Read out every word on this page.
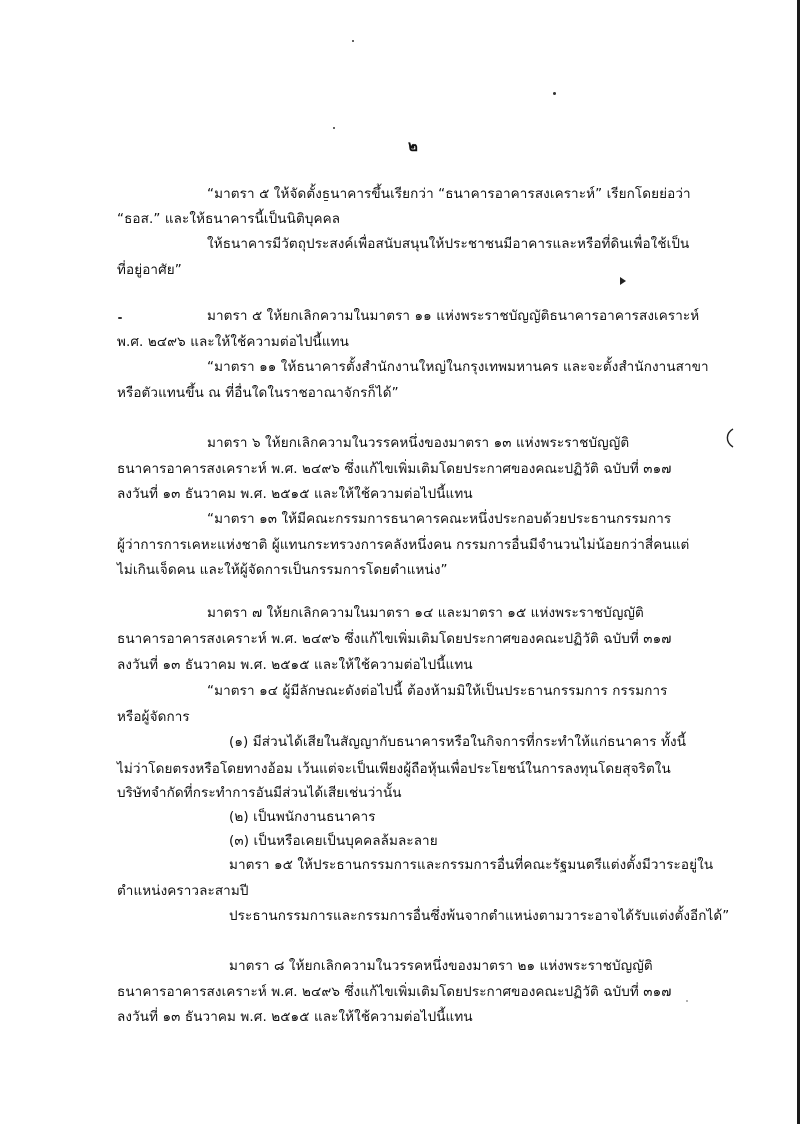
๒
“มาตรา ๕ ให้จัดตั้งธนาคารขึ้นเรียกว่า “ธนาคารอาคารสงเคราะห์” เรียกโดยย่อว่า
“ธอส.” และให้ธนาคารนี้เป็นนิติบุคคล
ให้ธนาคารมีวัตถุประสงค์เพื่อสนับสนุนให้ประชาชนมีอาคารและหรือที่ดินเพื่อใช้เป็น
ที่อยู่อาศัย”
มาตรา ๕ ให้ยกเลิกความในมาตรา ๑๑ แห่งพระราชบัญญัติธนาคารอาคารสงเคราะห์
พ.ศ. ๒๔๙๖ และให้ใช้ความต่อไปนี้แทน
“มาตรา ๑๑ ให้ธนาคารตั้งสำนักงานใหญ่ในกรุงเทพมหานคร และจะตั้งสำนักงานสาขา
หรือตัวแทนขึ้น ณ ที่อื่นใดในราชอาณาจักรก็ได้”
มาตรา ๖ ให้ยกเลิกความในวรรคหนึ่งของมาตรา ๑๓ แห่งพระราชบัญญัติ
ธนาคารอาคารสงเคราะห์ พ.ศ. ๒๔๙๖ ซึ่งแก้ไขเพิ่มเติมโดยประกาศของคณะปฏิวัติ ฉบับที่ ๓๑๗
ลงวันที่ ๑๓ ธันวาคม พ.ศ. ๒๕๑๕ และให้ใช้ความต่อไปนี้แทน
“มาตรา ๑๓ ให้มีคณะกรรมการธนาคารคณะหนึ่งประกอบด้วยประธานกรรมการ
ผู้ว่าการการเคหะแห่งชาติ ผู้แทนกระทรวงการคลังหนึ่งคน กรรมการอื่นมีจำนวนไม่น้อยกว่าสี่คนแต่
ไม่เกินเจ็ดคน และให้ผู้จัดการเป็นกรรมการโดยตำแหน่ง”
มาตรา ๗ ให้ยกเลิกความในมาตรา ๑๔ และมาตรา ๑๕ แห่งพระราชบัญญัติ
ธนาคารอาคารสงเคราะห์ พ.ศ. ๒๔๙๖ ซึ่งแก้ไขเพิ่มเติมโดยประกาศของคณะปฏิวัติ ฉบับที่ ๓๑๗
ลงวันที่ ๑๓ ธันวาคม พ.ศ. ๒๕๑๕ และให้ใช้ความต่อไปนี้แทน
“มาตรา ๑๔ ผู้มีลักษณะดังต่อไปนี้ ต้องห้ามมิให้เป็นประธานกรรมการ กรรมการ
หรือผู้จัดการ
(๑) มีส่วนได้เสียในสัญญากับธนาคารหรือในกิจการที่กระทำให้แก่ธนาคาร ทั้งนี้
ไม่ว่าโดยตรงหรือโดยทางอ้อม เว้นแต่จะเป็นเพียงผู้ถือหุ้นเพื่อประโยชน์ในการลงทุนโดยสุจริตใน
บริษัทจำกัดที่กระทำการอันมีส่วนได้เสียเช่นว่านั้น
(๒) เป็นพนักงานธนาคาร
(๓) เป็นหรือเคยเป็นบุคคลล้มละลาย
มาตรา ๑๕ ให้ประธานกรรมการและกรรมการอื่นที่คณะรัฐมนตรีแต่งตั้งมีวาระอยู่ใน
ตำแหน่งคราวละสามปี
ประธานกรรมการและกรรมการอื่นซึ่งพ้นจากตำแหน่งตามวาระอาจได้รับแต่งตั้งอีกได้”
มาตรา ๘ ให้ยกเลิกความในวรรคหนึ่งของมาตรา ๒๑ แห่งพระราชบัญญัติ
ธนาคารอาคารสงเคราะห์ พ.ศ. ๒๔๙๖ ซึ่งแก้ไขเพิ่มเติมโดยประกาศของคณะปฏิวัติ ฉบับที่ ๓๑๗
ลงวันที่ ๑๓ ธันวาคม พ.ศ. ๒๕๑๕ และให้ใช้ความต่อไปนี้แทน
